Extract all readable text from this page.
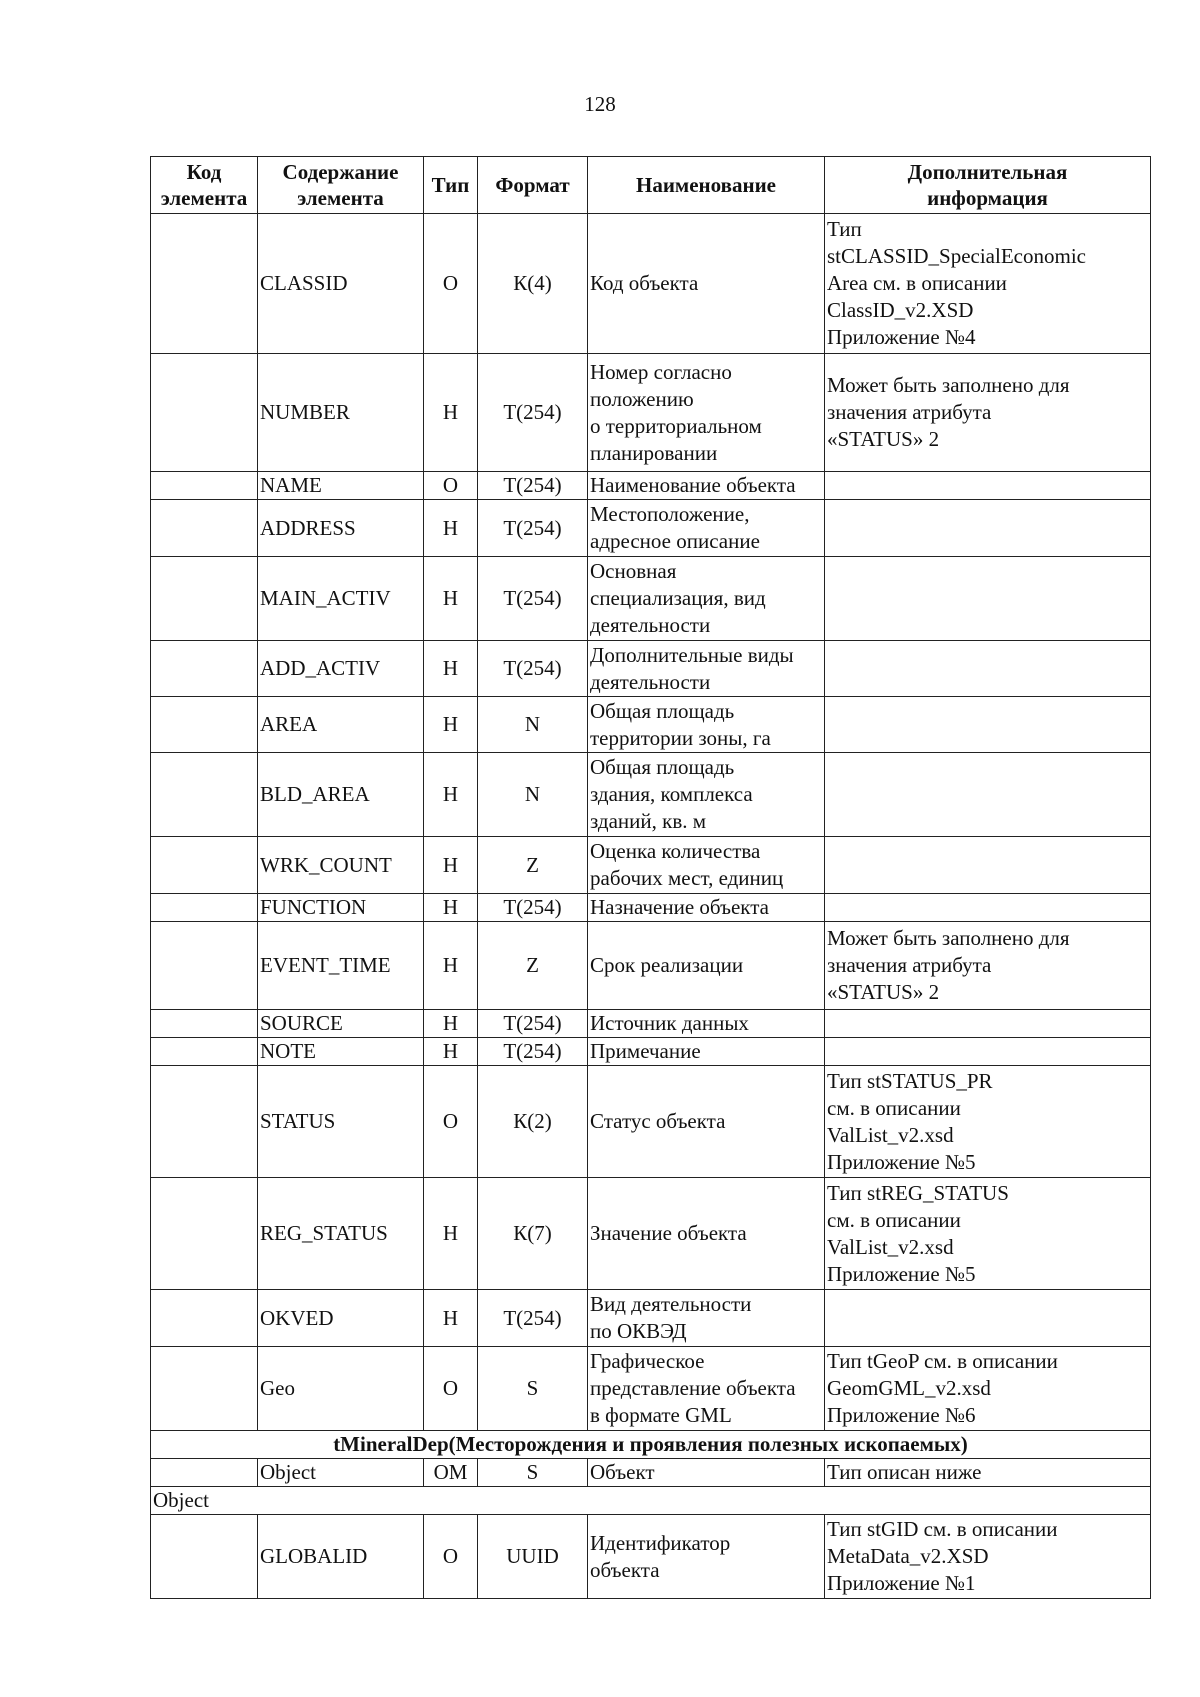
128
Код
элемента	Содержание
элемента	Тип	Формат	Наименование	Дополнительная
информация
	CLASSID	О	К(4)	Код объекта	Тип
stCLASSID_SpecialEconomic
Area см. в описании
ClassID_v2.XSD
Приложение №4
	NUMBER	Н	Т(254)	Номер согласно
положению
о территориальном
планировании	Может быть заполнено для
значения атрибута
«STATUS» 2
	NAME	О	Т(254)	Наименование объекта	
	ADDRESS	Н	Т(254)	Местоположение,
адресное описание	
	MAIN_ACTIV	Н	Т(254)	Основная
специализация, вид
деятельности	
	ADD_ACTIV	Н	Т(254)	Дополнительные виды
деятельности	
	AREA	Н	N	Общая площадь
территории зоны, га	
	BLD_AREA	Н	N	Общая площадь
здания, комплекса
зданий, кв. м	
	WRK_COUNT	Н	Z	Оценка количества
рабочих мест, единиц	
	FUNCTION	Н	Т(254)	Назначение объекта	
	EVENT_TIME	Н	Z	Срок реализации	Может быть заполнено для
значения атрибута
«STATUS» 2
	SOURCE	Н	Т(254)	Источник данных	
	NOTE	Н	Т(254)	Примечание	
	STATUS	О	К(2)	Статус объекта	Тип stSTATUS_PR
см. в описании
ValList_v2.xsd
Приложение №5
	REG_STATUS	Н	К(7)	Значение объекта	Тип stREG_STATUS
см. в описании
ValList_v2.xsd
Приложение №5
	OKVED	Н	Т(254)	Вид деятельности
по ОКВЭД	
	Geo	О	S	Графическое
представление объекта
в формате GML	Тип tGeoP см. в описании
GeomGML_v2.xsd
Приложение №6
tMineralDep(Месторождения и проявления полезных ископаемых)					
	Object	ОМ	S	Объект	Тип описан ниже
Object					
	GLOBALID	О	UUID	Идентификатор
объекта	Тип stGID см. в описании
MetaData_v2.XSD
Приложение №1
